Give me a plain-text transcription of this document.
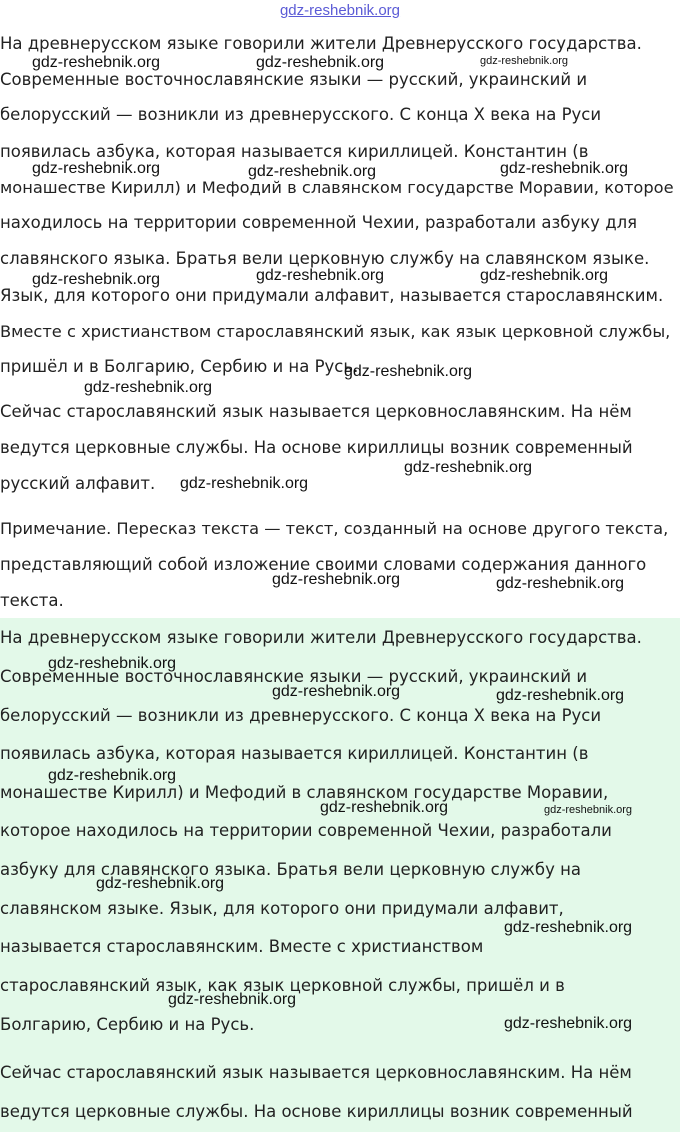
gdz-reshebnik.org
На древнерусском языке говорили жители Древнерусского государства.
Современные восточнославянские языки — русский, украинский и
белорусский — возникли из древнерусского. С конца X века на Руси
появилась азбука, которая называется кириллицей. Константин (в
монашестве Кирилл) и Мефодий в славянском государстве Моравии, которое
находилось на территории современной Чехии, разработали азбуку для
славянского языка. Братья вели церковную службу на славянском языке.
Язык, для которого они придумали алфавит, называется старославянским.
Вместе с христианством старославянский язык, как язык церковной службы,
пришёл и в Болгарию, Сербию и на Русь.
Сейчас старославянский язык называется церковнославянским. На нём
ведутся церковные службы. На основе кириллицы возник современный
русский алфавит.
Примечание. Пересказ текста — текст, созданный на основе другого текста,
представляющий собой изложение своими словами содержания данного
текста.
На древнерусском языке говорили жители Древнерусского государства.
Современные восточнославянские языки — русский, украинский и
белорусский — возникли из древнерусского. С конца X века на Руси
появилась азбука, которая называется кириллицей. Константин (в
монашестве Кирилл) и Мефодий в славянском государстве Моравии,
которое находилось на территории современной Чехии, разработали
азбуку для славянского языка. Братья вели церковную службу на
славянском языке. Язык, для которого они придумали алфавит,
называется старославянским. Вместе с христианством
старославянский язык, как язык церковной службы, пришёл и в
Болгарию, Сербию и на Русь.
Сейчас старославянский язык называется церковнославянским. На нём
ведутся церковные службы. На основе кириллицы возник современный
gdz-reshebnik.org	gdz-reshebnik.org	gdz-reshebnik.org
gdz-reshebnik.org	gdz-reshebnik.org	gdz-reshebnik.org
gdz-reshebnik.org	gdz-reshebnik.org	gdz-reshebnik.org
gdz-reshebnik.org
gdz-reshebnik.org
gdz-reshebnik.org
gdz-reshebnik.org
gdz-reshebnik.org	gdz-reshebnik.org
gdz-reshebnik.org
gdz-reshebnik.org	gdz-reshebnik.org
gdz-reshebnik.org
gdz-reshebnik.org	gdz-reshebnik.org
gdz-reshebnik.org
gdz-reshebnik.org
gdz-reshebnik.org
gdz-reshebnik.org
